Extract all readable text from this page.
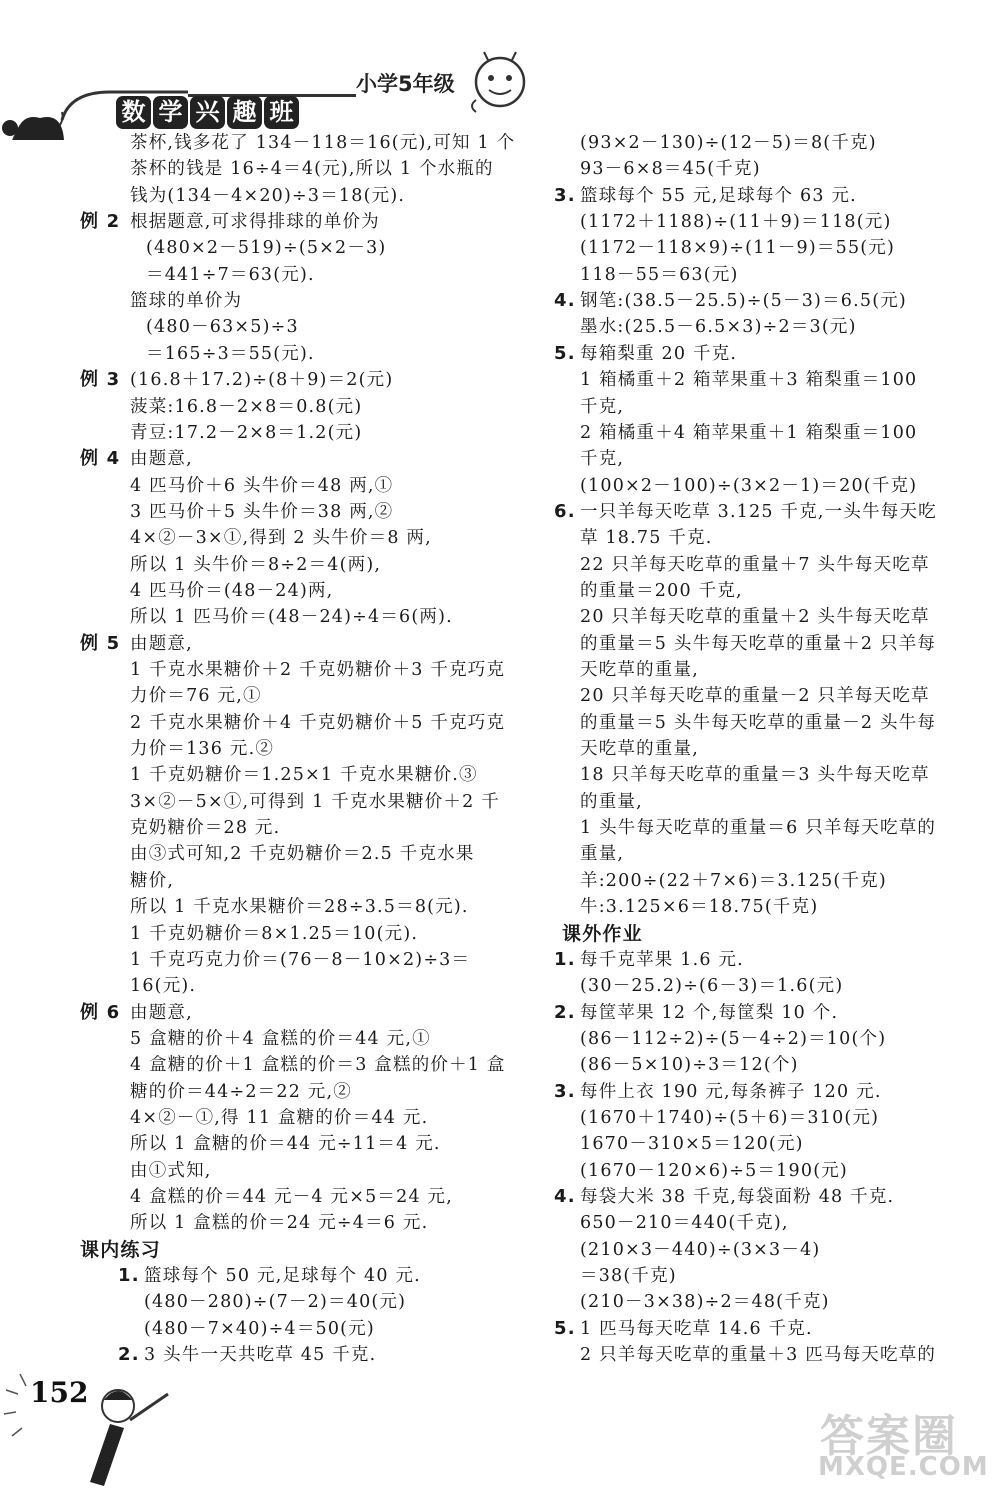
小学5年级
数 学 兴 趣 班
茶杯,钱多花了 134－118＝16(元),可知 1 个
茶杯的钱是 16÷4＝4(元),所以 1 个水瓶的
钱为(134－4×20)÷3＝18(元).
例 2 根据题意,可求得排球的单价为
(480×2－519)÷(5×2－3)
＝441÷7＝63(元).
篮球的单价为
(480－63×5)÷3
＝165÷3＝55(元).
例 3 (16.8＋17.2)÷(8＋9)＝2(元)
菠菜:16.8－2×8＝0.8(元)
青豆:17.2－2×8＝1.2(元)
例 4 由题意,
4 匹马价＋6 头牛价＝48 两,①
3 匹马价＋5 头牛价＝38 两,②
4×②－3×①,得到 2 头牛价＝8 两,
所以 1 头牛价＝8÷2＝4(两),
4 匹马价＝(48－24)两,
所以 1 匹马价＝(48－24)÷4＝6(两).
例 5 由题意,
1 千克水果糖价＋2 千克奶糖价＋3 千克巧克
力价＝76 元,①
2 千克水果糖价＋4 千克奶糖价＋5 千克巧克
力价＝136 元.②
1 千克奶糖价＝1.25×1 千克水果糖价.③
3×②－5×①,可得到 1 千克水果糖价＋2 千
克奶糖价＝28 元.
由③式可知,2 千克奶糖价＝2.5 千克水果
糖价,
所以 1 千克水果糖价＝28÷3.5＝8(元).
1 千克奶糖价＝8×1.25＝10(元).
1 千克巧克力价＝(76－8－10×2)÷3＝
16(元).
例 6 由题意,
5 盒糖的价＋4 盒糕的价＝44 元,①
4 盒糖的价＋1 盒糕的价＝3 盒糕的价＋1 盒
糖的价＝44÷2＝22 元,②
4×②－①,得 11 盒糖的价＝44 元.
所以 1 盒糖的价＝44 元÷11＝4 元.
由①式知,
4 盒糕的价＝44 元－4 元×5＝24 元,
所以 1 盒糕的价＝24 元÷4＝6 元.
课内练习
1. 篮球每个 50 元,足球每个 40 元.
(480－280)÷(7－2)＝40(元)
(480－7×40)÷4＝50(元)
2. 3 头牛一天共吃草 45 千克.
(93×2－130)÷(12－5)＝8(千克)
93－6×8＝45(千克)
3. 篮球每个 55 元,足球每个 63 元.
(1172＋1188)÷(11＋9)＝118(元)
(1172－118×9)÷(11－9)＝55(元)
118－55＝63(元)
4. 钢笔:(38.5－25.5)÷(5－3)＝6.5(元)
墨水:(25.5－6.5×3)÷2＝3(元)
5. 每箱梨重 20 千克.
1 箱橘重＋2 箱苹果重＋3 箱梨重＝100
千克,
2 箱橘重＋4 箱苹果重＋1 箱梨重＝100
千克,
(100×2－100)÷(3×2－1)＝20(千克)
6. 一只羊每天吃草 3.125 千克,一头牛每天吃
草 18.75 千克.
22 只羊每天吃草的重量＋7 头牛每天吃草
的重量＝200 千克,
20 只羊每天吃草的重量＋2 头牛每天吃草
的重量＝5 头牛每天吃草的重量＋2 只羊每
天吃草的重量,
20 只羊每天吃草的重量－2 只羊每天吃草
的重量＝5 头牛每天吃草的重量－2 头牛每
天吃草的重量,
18 只羊每天吃草的重量＝3 头牛每天吃草
的重量,
1 头牛每天吃草的重量＝6 只羊每天吃草的
重量,
羊:200÷(22＋7×6)＝3.125(千克)
牛:3.125×6＝18.75(千克)
课外作业
1. 每千克苹果 1.6 元.
(30－25.2)÷(6－3)＝1.6(元)
2. 每筐苹果 12 个,每筐梨 10 个.
(86－112÷2)÷(5－4÷2)＝10(个)
(86－5×10)÷3＝12(个)
3. 每件上衣 190 元,每条裤子 120 元.
(1670＋1740)÷(5＋6)＝310(元)
1670－310×5＝120(元)
(1670－120×6)÷5＝190(元)
4. 每袋大米 38 千克,每袋面粉 48 千克.
650－210＝440(千克),
(210×3－440)÷(3×3－4)
＝38(千克)
(210－3×38)÷2＝48(千克)
5. 1 匹马每天吃草 14.6 千克.
2 只羊每天吃草的重量＋3 匹马每天吃草的
152
答案圈
MXQE.COM
